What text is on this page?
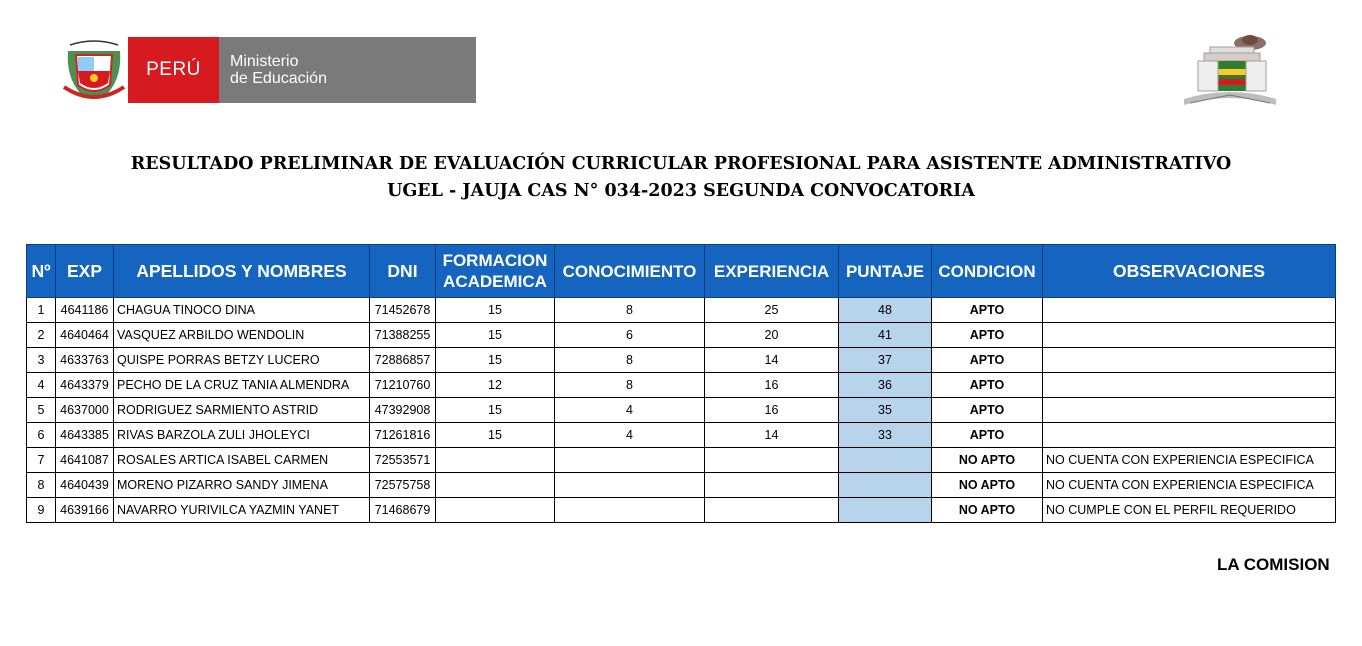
PERÚ	Ministerio
de Educación
RESULTADO PRELIMINAR DE EVALUACIÓN CURRICULAR PROFESIONAL PARA ASISTENTE ADMINISTRATIVO
UGEL - JAUJA CAS N° 034-2023 SEGUNDA CONVOCATORIA
Nº	EXP	APELLIDOS Y NOMBRES	DNI	FORMACION ACADEMICA	CONOCIMIENTO	EXPERIENCIA	PUNTAJE	CONDICION	OBSERVACIONES
1	4641186	CHAGUA TINOCO DINA	71452678	15	8	25	48	APTO	
2	4640464	VASQUEZ ARBILDO WENDOLIN	71388255	15	6	20	41	APTO	
3	4633763	QUISPE PORRAS BETZY LUCERO	72886857	15	8	14	37	APTO	
4	4643379	PECHO DE LA CRUZ TANIA ALMENDRA	71210760	12	8	16	36	APTO	
5	4637000	RODRIGUEZ SARMIENTO ASTRID	47392908	15	4	16	35	APTO	
6	4643385	RIVAS BARZOLA ZULI JHOLEYCI	71261816	15	4	14	33	APTO	
7	4641087	ROSALES ARTICA ISABEL CARMEN	72553571					NO APTO	NO CUENTA CON EXPERIENCIA ESPECIFICA
8	4640439	MORENO PIZARRO SANDY JIMENA	72575758					NO APTO	NO CUENTA CON EXPERIENCIA ESPECIFICA
9	4639166	NAVARRO YURIVILCA YAZMIN YANET	71468679					NO APTO	NO CUMPLE CON EL PERFIL REQUERIDO
LA COMISION
